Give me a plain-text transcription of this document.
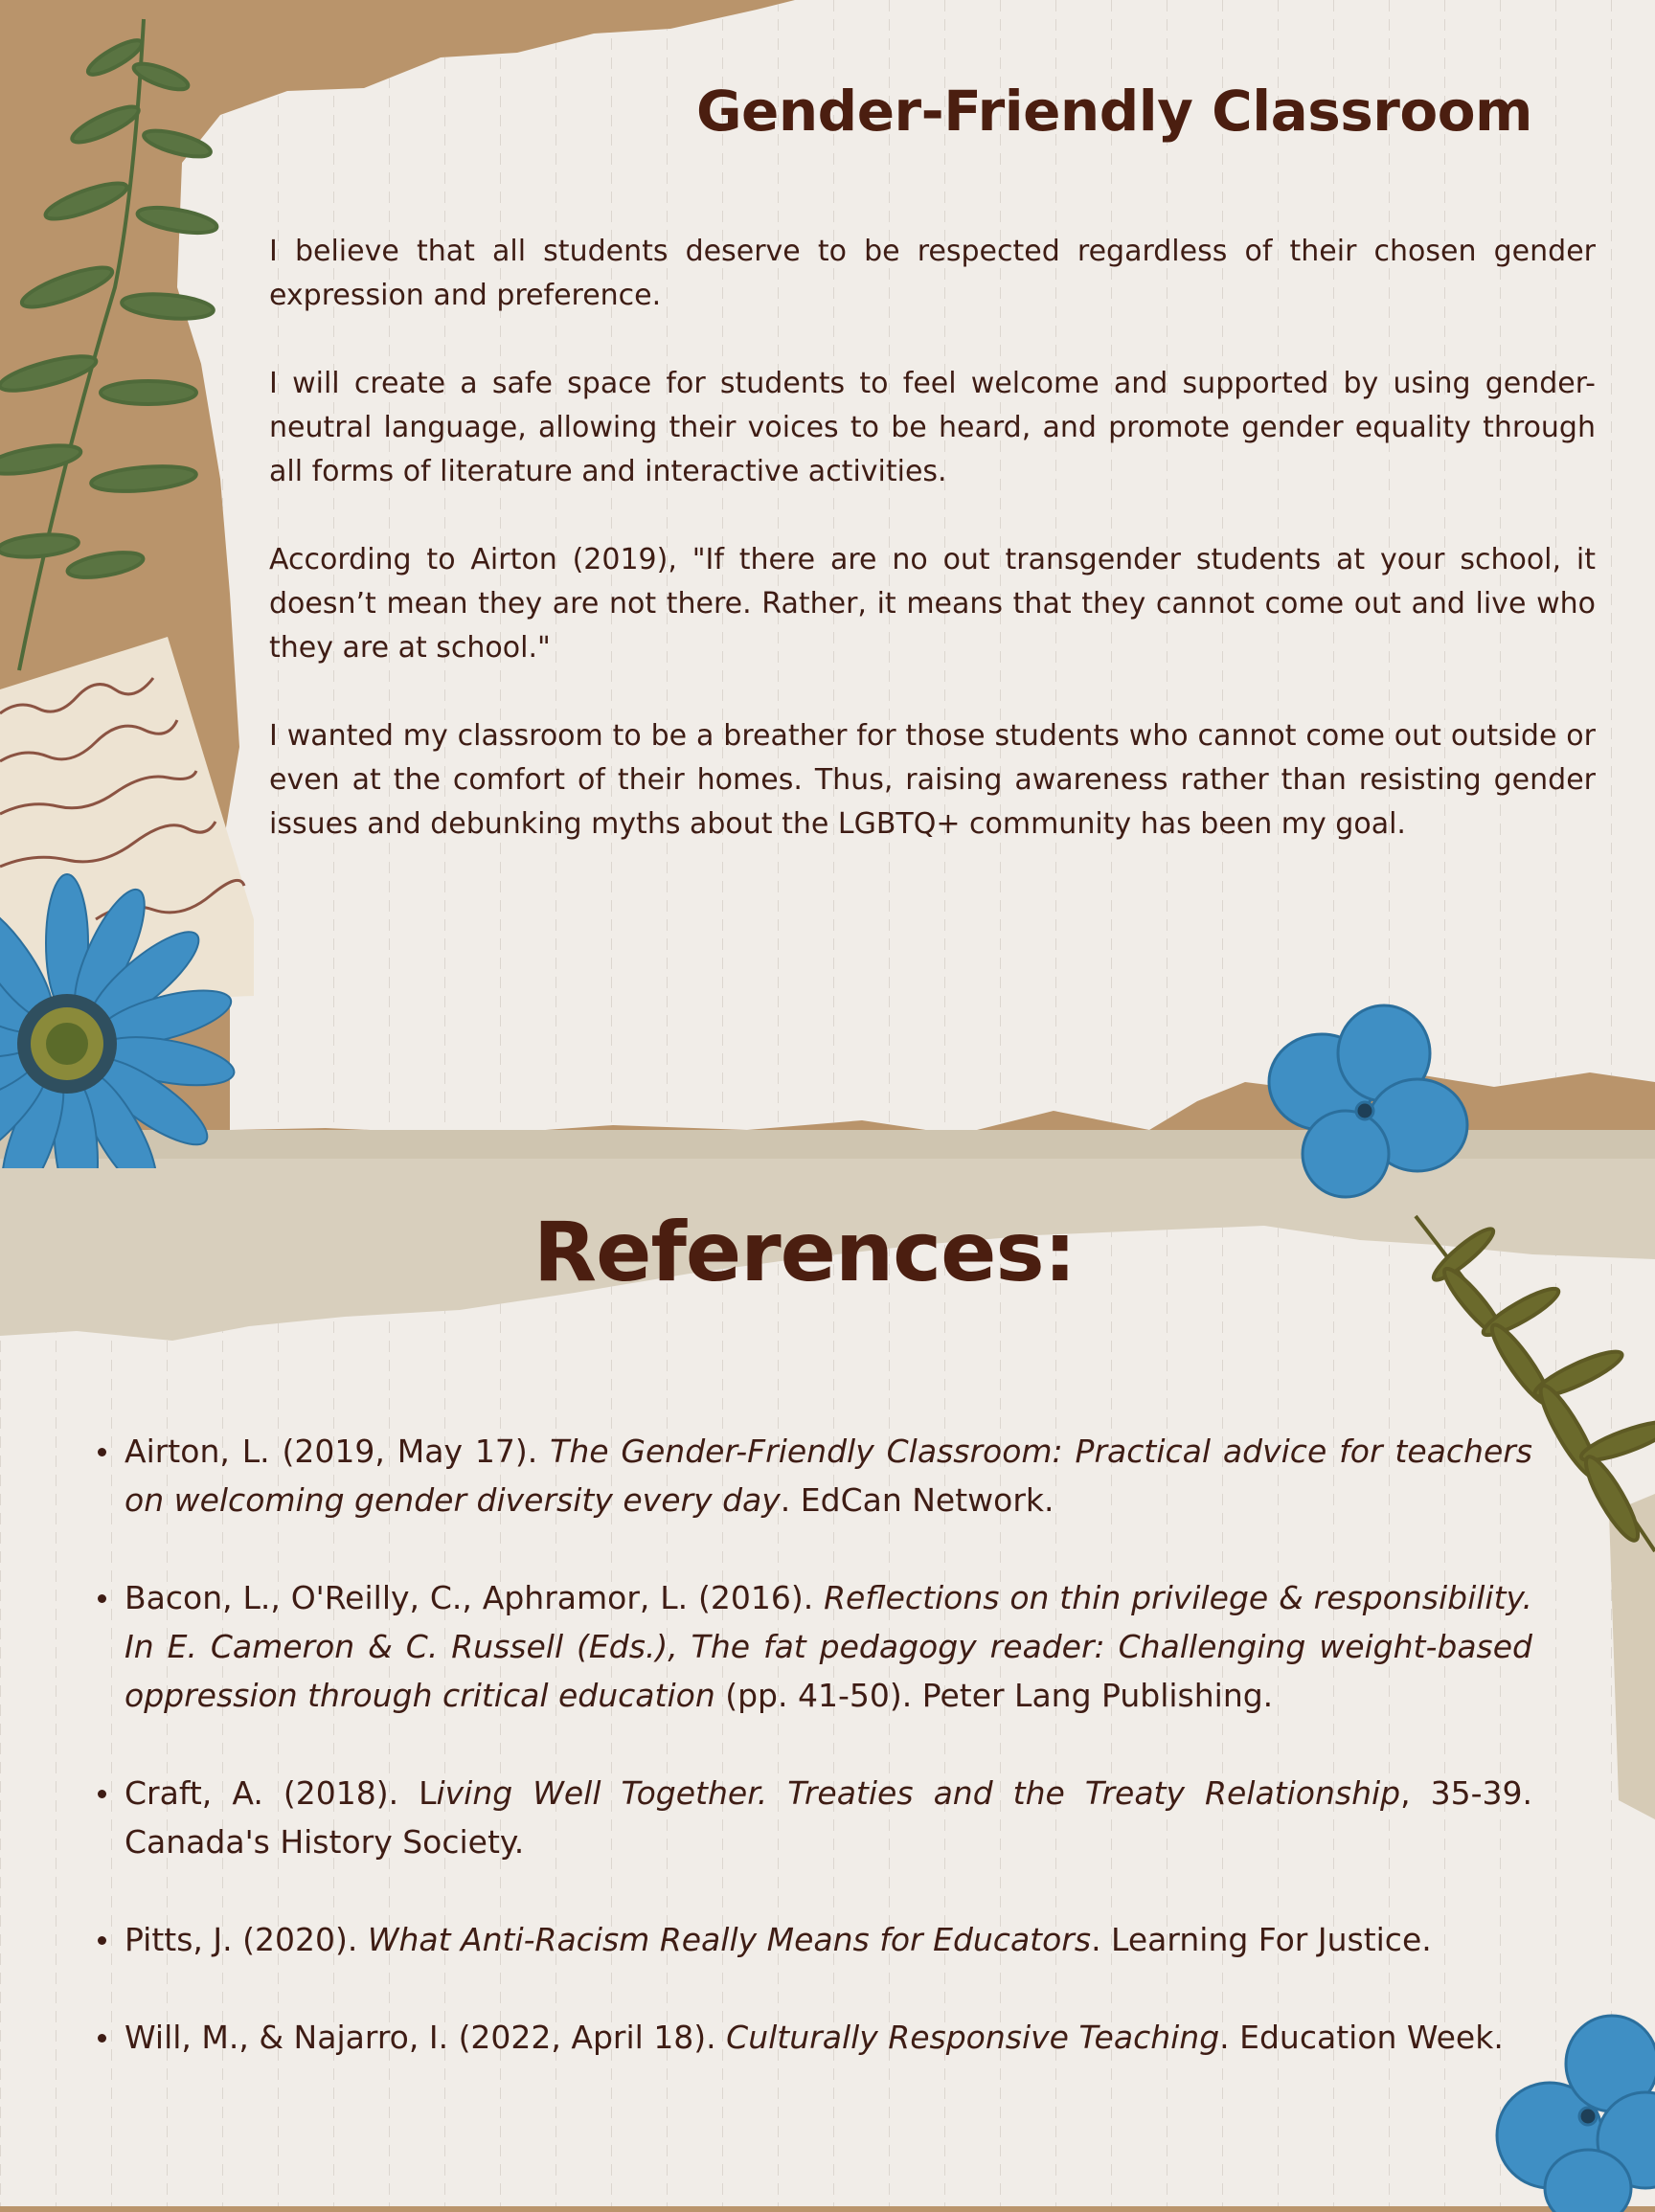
Gender-Friendly Classroom

I believe that all students deserve to be respected regardless of their chosen gender expression and preference.

I will create a safe space for students to feel welcome and supported by using gender-neutral language, allowing their voices to be heard, and promote gender equality through all forms of literature and interactive activities.

According to Airton (2019), "If there are no out transgender students at your school, it doesn’t mean they are not there. Rather, it means that they cannot come out and live who they are at school."

I wanted my classroom to be a breather for those students who cannot come out outside or even at the comfort of their homes. Thus, raising awareness rather than resisting gender issues and debunking myths about the LGBTQ+ community has been my goal.

References:
Airton, L. (2019, May 17). The Gender-Friendly Classroom: Practical advice for teachers on welcoming gender diversity every day. EdCan Network.
Bacon, L., O'Reilly, C., Aphramor, L. (2016). Reflections on thin privilege & responsibility. In E. Cameron & C. Russell (Eds.), The fat pedagogy reader: Challenging weight-based oppression through critical education (pp. 41-50). Peter Lang Publishing.
Craft, A. (2018). Living Well Together. Treaties and the Treaty Relationship, 35-39. Canada's History Society.
Pitts, J. (2020). What Anti-Racism Really Means for Educators. Learning For Justice.
Will, M., & Najarro, I. (2022, April 18). Culturally Responsive Teaching. Education Week.
